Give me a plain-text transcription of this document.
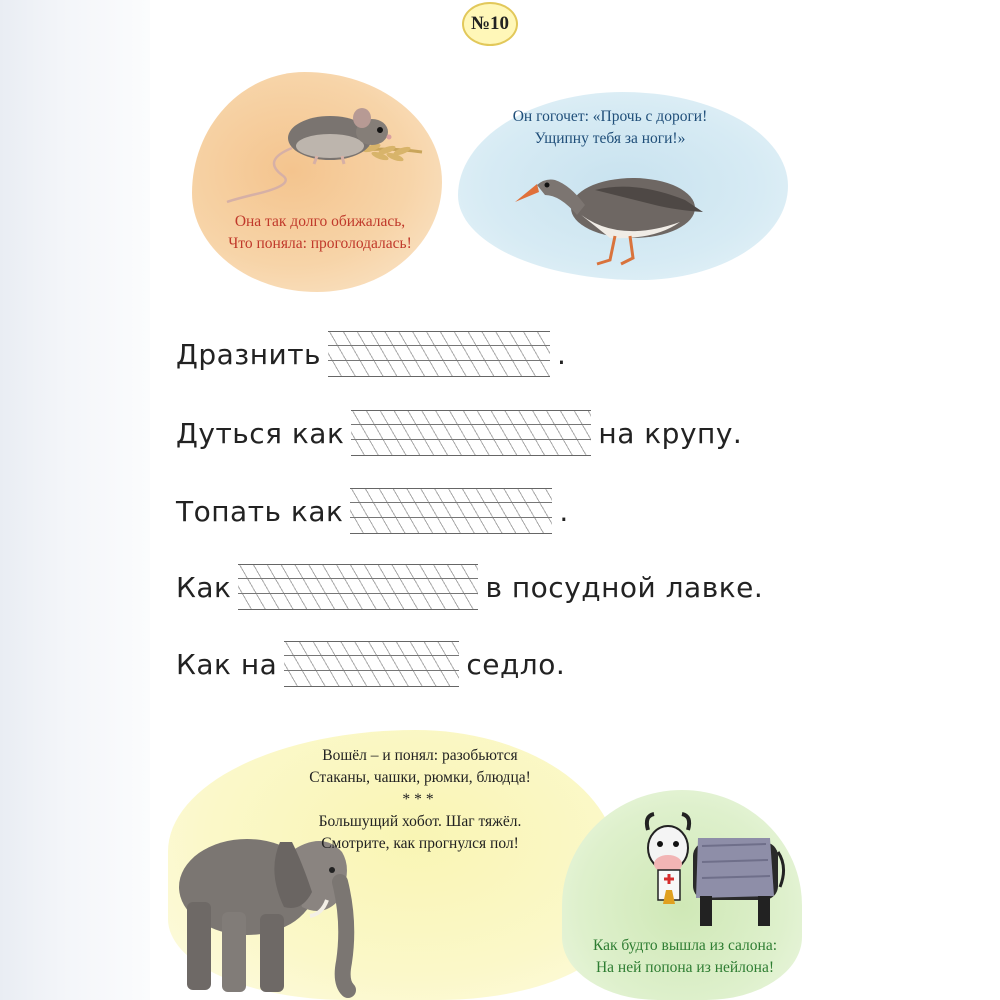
№10
Она так долго обижалась,
Что поняла: проголодалась!
Он гогочет: «Прочь с дороги!
Ущипну тебя за ноги!»
Вошёл – и понял: разобьются
Стаканы, чашки, рюмки, блюдца!
***
Большущий хобот. Шаг тяжёл.
Смотрите, как прогнулся пол!
Как будто вышла из салона:
На ней попона из нейлона!
Дразнить	.
Дуться как	на крупу.
Топать как	.
Как	в посудной лавке.
Как на	седло.
